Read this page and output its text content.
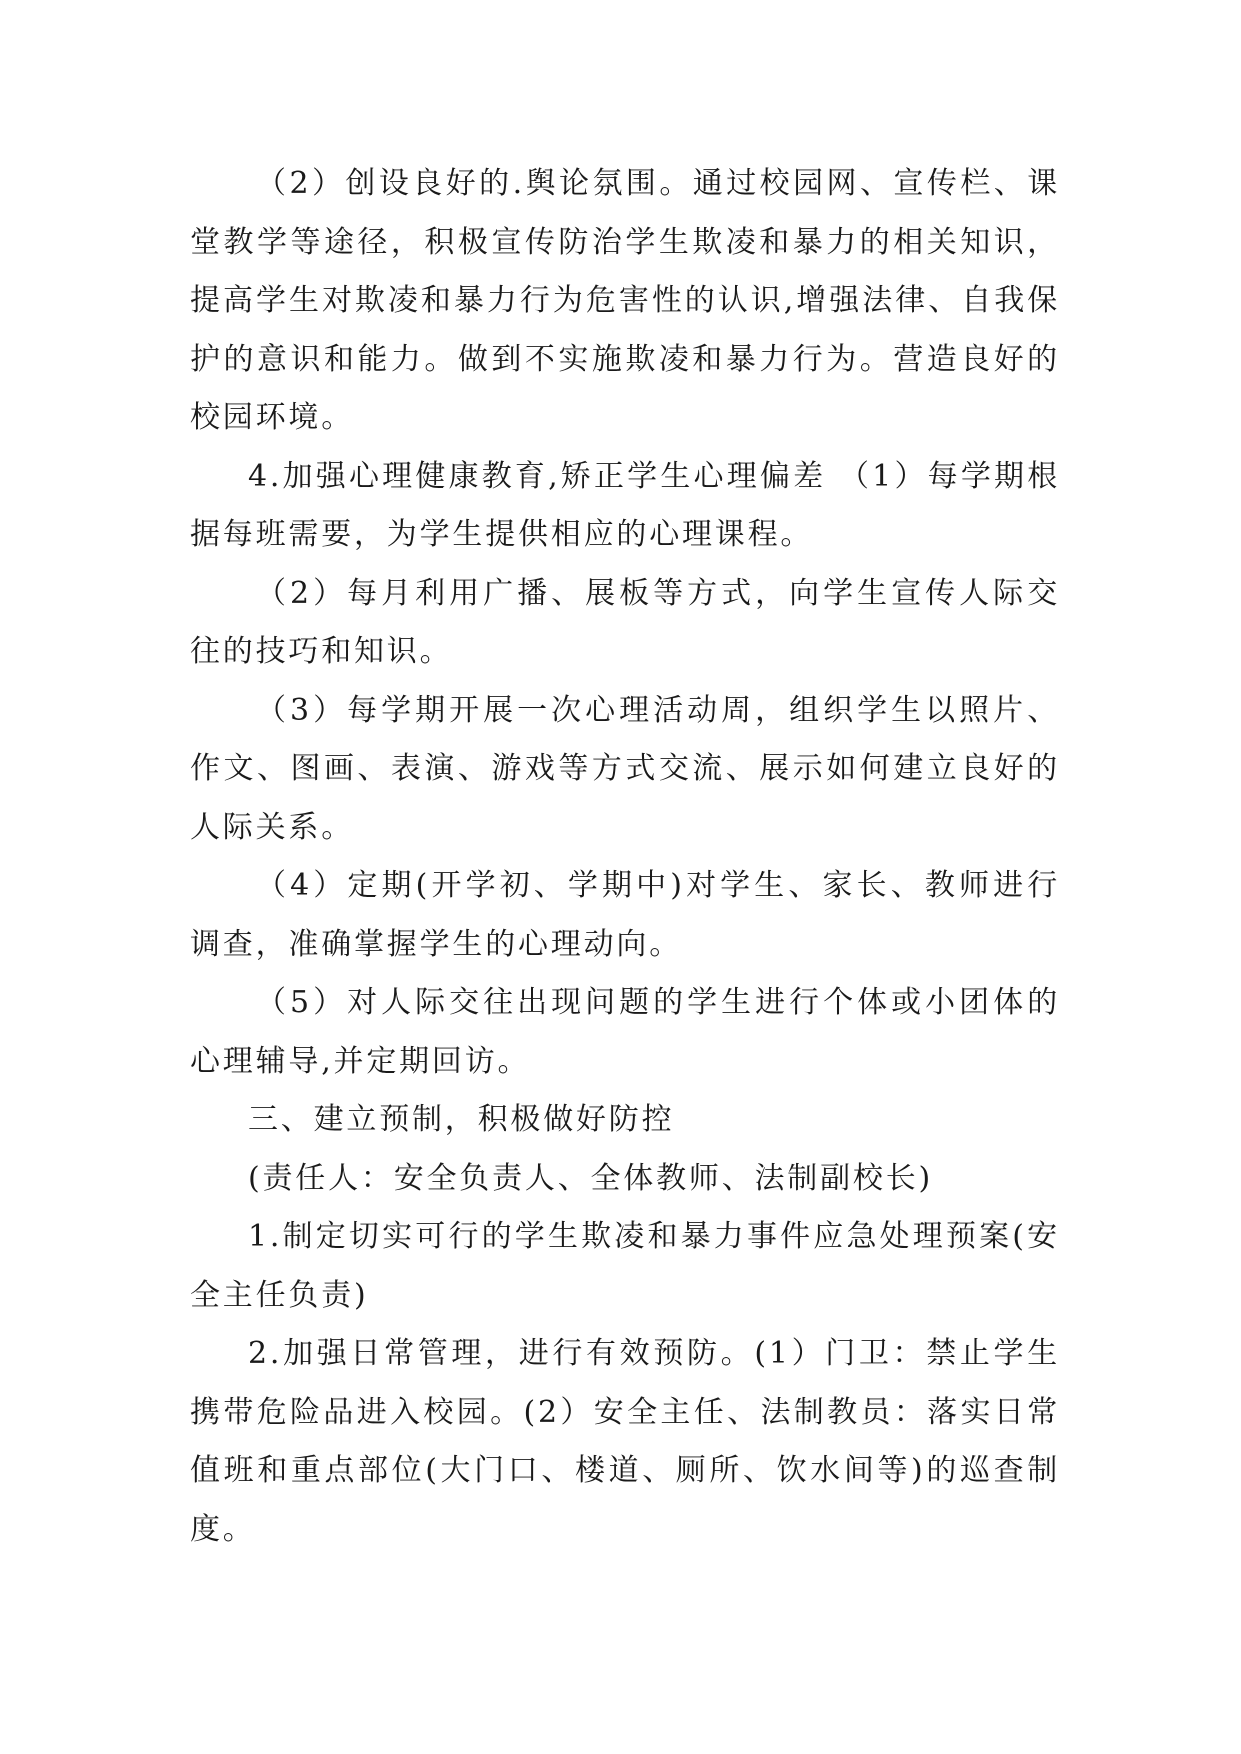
（2）创设良好的.舆论氛围。通过校园网、宣传栏、课堂教学等途径，积极宣传防治学生欺凌和暴力的相关知识，提高学生对欺凌和暴力行为危害性的认识,增强法律、自我保护的意识和能力。做到不实施欺凌和暴力行为。营造良好的校园环境。

4.加强心理健康教育,矫正学生心理偏差 （1）每学期根据每班需要，为学生提供相应的心理课程。

（2）每月利用广播、展板等方式，向学生宣传人际交往的技巧和知识。

（3）每学期开展一次心理活动周，组织学生以照片、作文、图画、表演、游戏等方式交流、展示如何建立良好的人际关系。

（4）定期(开学初、学期中)对学生、家长、教师进行调查，准确掌握学生的心理动向。

（5）对人际交往出现问题的学生进行个体或小团体的心理辅导,并定期回访。

三、建立预制，积极做好防控

(责任人：安全负责人、全体教师、法制副校长)

1.制定切实可行的学生欺凌和暴力事件应急处理预案(安全主任负责)

2.加强日常管理，进行有效预防。(1）门卫：禁止学生携带危险品进入校园。(2）安全主任、法制教员：落实日常值班和重点部位(大门口、楼道、厕所、饮水间等)的巡查制度。
